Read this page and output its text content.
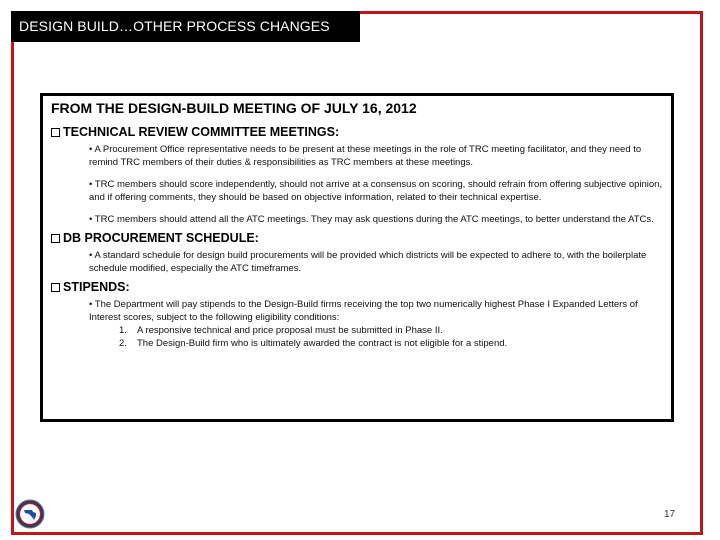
DESIGN BUILD…OTHER PROCESS CHANGES
FROM THE DESIGN-BUILD MEETING OF JULY 16, 2012
TECHNICAL REVIEW COMMITTEE MEETINGS:
• A Procurement Office representative needs to be present at these meetings in the role of TRC meeting facilitator, and they need to remind TRC members of their duties & responsibilities as TRC members at these meetings.
• TRC members should score independently, should not arrive at a consensus on scoring, should refrain from offering subjective opinion, and if offering comments, they should be based on objective information, related to their technical expertise.
• TRC members should attend all the ATC meetings. They may ask questions during the ATC meetings, to better understand the ATCs.
DB PROCUREMENT SCHEDULE:
• A standard schedule for design build procurements will be provided which districts will be expected to adhere to, with the boilerplate schedule modified, especially the ATC timeframes.
STIPENDS:
• The Department will pay stipends to the Design-Build firms receiving the top two numerically highest Phase I Expanded Letters of Interest scores, subject to the following eligibility conditions:
1. A responsive technical and price proposal must be submitted in Phase II.
2. The Design-Build firm who is ultimately awarded the contract is not eligible for a stipend.
17
